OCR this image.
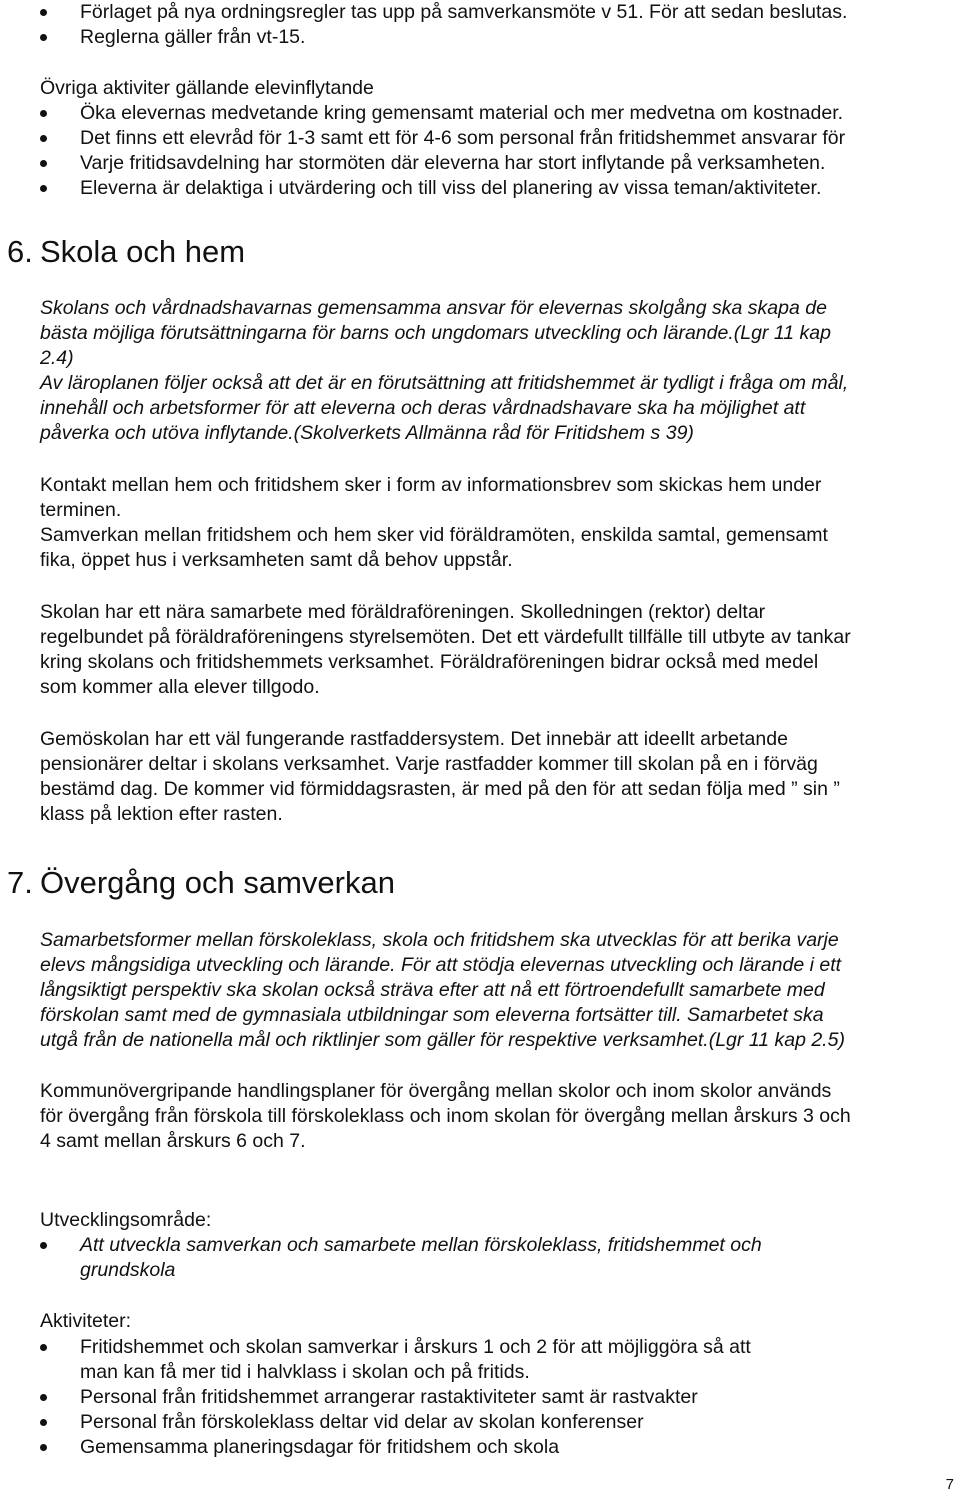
Förlaget på nya ordningsregler tas upp på samverkansmöte v 51. För att sedan beslutas.
Reglerna gäller från vt-15.

Övriga aktiviter gällande elevinflytande

Öka elevernas medvetande kring gemensamt material och mer medvetna om kostnader.
Det finns ett elevråd för 1-3 samt ett för 4-6 som personal från fritidshemmet ansvarar för
Varje fritidsavdelning har stormöten där eleverna har stort inflytande på verksamheten.
Eleverna är delaktiga i utvärdering och till viss del planering av vissa teman/aktiviteter.

6. Skola och hem

Skolans och vårdnadshavarnas gemensamma ansvar för elevernas skolgång ska skapa de

bästa möjliga förutsättningarna för barns och ungdomars utveckling och lärande.(Lgr 11 kap

2.4)

Av läroplanen följer också att det är en förutsättning att fritidshemmet är tydligt i fråga om mål,

innehåll och arbetsformer för att eleverna och deras vårdnadshavare ska ha möjlighet att

påverka och utöva inflytande.(Skolverkets Allmänna råd för Fritidshem s 39)

Kontakt mellan hem och fritidshem sker i form av informationsbrev som skickas hem under

terminen.

Samverkan mellan fritidshem och hem sker vid föräldramöten, enskilda samtal, gemensamt

fika, öppet hus i verksamheten samt då behov uppstår.

Skolan har ett nära samarbete med föräldraföreningen. Skolledningen (rektor) deltar

regelbundet på föräldraföreningens styrelsemöten. Det ett värdefullt tillfälle till utbyte av tankar

kring skolans och fritidshemmets verksamhet. Föräldraföreningen bidrar också med medel

som kommer alla elever tillgodo.

Gemöskolan har ett väl fungerande rastfaddersystem. Det innebär att ideellt arbetande

pensionärer deltar i skolans verksamhet. Varje rastfadder kommer till skolan på en i förväg

bestämd dag. De kommer vid förmiddagsrasten, är med på den för att sedan följa med ” sin ”

klass på lektion efter rasten.

7. Övergång och samverkan

Samarbetsformer mellan förskoleklass, skola och fritidshem ska utvecklas för att berika varje

elevs mångsidiga utveckling och lärande. För att stödja elevernas utveckling och lärande i ett

långsiktigt perspektiv ska skolan också sträva efter att nå ett förtroendefullt samarbete med

förskolan samt med de gymnasiala utbildningar som eleverna fortsätter till. Samarbetet ska

utgå från de nationella mål och riktlinjer som gäller för respektive verksamhet.(Lgr 11 kap 2.5)

Kommunövergripande handlingsplaner för övergång mellan skolor och inom skolor används

för övergång från förskola till förskoleklass och inom skolan för övergång mellan årskurs 3 och

4 samt mellan årskurs 6 och 7.

Utvecklingsområde:

Att utveckla samverkan och samarbete mellan förskoleklass, fritidshemmet och
grundskola

Aktiviteter:

Fritidshemmet och skolan samverkar i årskurs 1 och 2 för att möjliggöra så att
man kan få mer tid i halvklass i skolan och på fritids.
Personal från fritidshemmet arrangerar rastaktiviteter samt är rastvakter
Personal från förskoleklass deltar vid delar av skolan konferenser
Gemensamma planeringsdagar för fritidshem och skola
7
